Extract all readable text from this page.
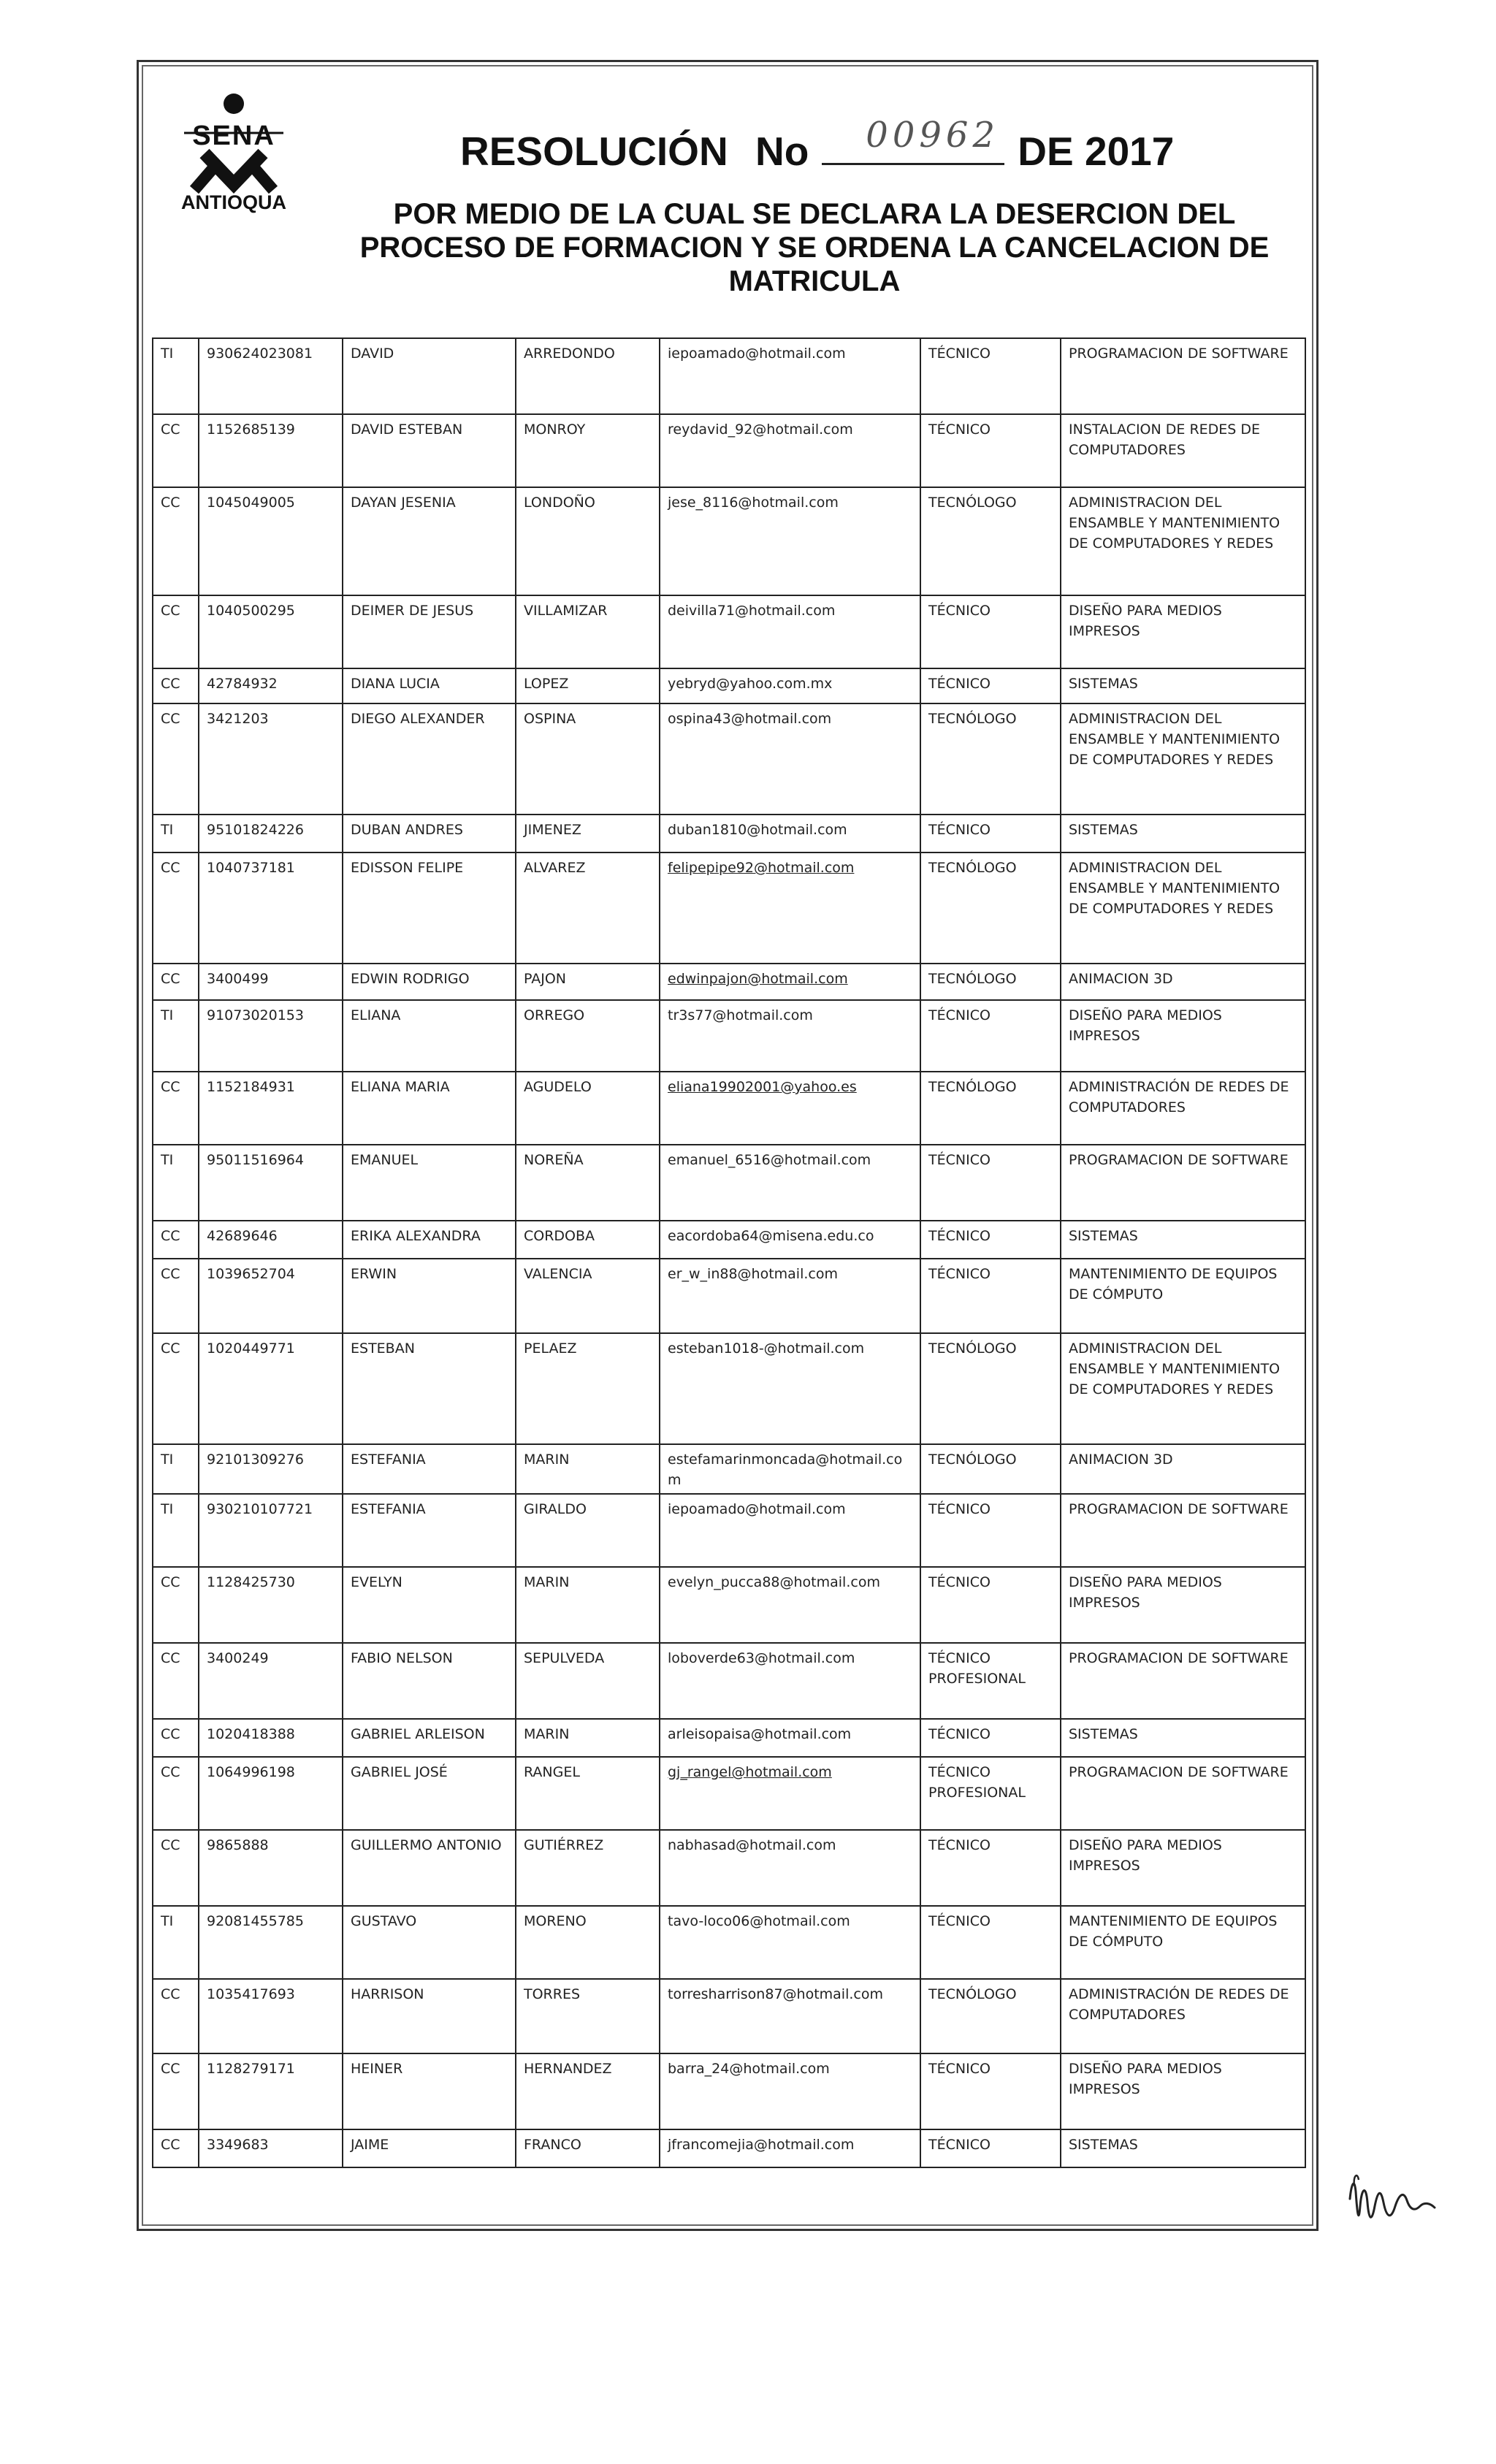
SENA
ANTIOQUA
RESOLUCIÓN No 00962 DE 2017
POR MEDIO DE LA CUAL SE DECLARA LA DESERCION DEL PROCESO DE FORMACION Y SE ORDENA LA CANCELACION DE MATRICULA
TI	930624023081	DAVID	ARREDONDO	iepoamado@hotmail.com	TÉCNICO	PROGRAMACION DE SOFTWARE
CC	1152685139	DAVID ESTEBAN	MONROY	reydavid_92@hotmail.com	TÉCNICO	INSTALACION DE REDES DE COMPUTADORES
CC	1045049005	DAYAN JESENIA	LONDOÑO	jese_8116@hotmail.com	TECNÓLOGO	ADMINISTRACION DEL ENSAMBLE Y MANTENIMIENTO DE COMPUTADORES Y REDES
CC	1040500295	DEIMER DE JESUS	VILLAMIZAR	deivilla71@hotmail.com	TÉCNICO	DISEÑO PARA MEDIOS IMPRESOS
CC	42784932	DIANA LUCIA	LOPEZ	yebryd@yahoo.com.mx	TÉCNICO	SISTEMAS
CC	3421203	DIEGO ALEXANDER	OSPINA	ospina43@hotmail.com	TECNÓLOGO	ADMINISTRACION DEL ENSAMBLE Y MANTENIMIENTO DE COMPUTADORES Y REDES
TI	95101824226	DUBAN ANDRES	JIMENEZ	duban1810@hotmail.com	TÉCNICO	SISTEMAS
CC	1040737181	EDISSON FELIPE	ALVAREZ	felipepipe92@hotmail.com	TECNÓLOGO	ADMINISTRACION DEL ENSAMBLE Y MANTENIMIENTO DE COMPUTADORES Y REDES
CC	3400499	EDWIN RODRIGO	PAJON	edwinpajon@hotmail.com	TECNÓLOGO	ANIMACION 3D
TI	91073020153	ELIANA	ORREGO	tr3s77@hotmail.com	TÉCNICO	DISEÑO PARA MEDIOS IMPRESOS
CC	1152184931	ELIANA MARIA	AGUDELO	eliana19902001@yahoo.es	TECNÓLOGO	ADMINISTRACIÓN DE REDES DE COMPUTADORES
TI	95011516964	EMANUEL	NOREÑA	emanuel_6516@hotmail.com	TÉCNICO	PROGRAMACION DE SOFTWARE
CC	42689646	ERIKA ALEXANDRA	CORDOBA	eacordoba64@misena.edu.co	TÉCNICO	SISTEMAS
CC	1039652704	ERWIN	VALENCIA	er_w_in88@hotmail.com	TÉCNICO	MANTENIMIENTO DE EQUIPOS DE CÓMPUTO
CC	1020449771	ESTEBAN	PELAEZ	esteban1018-@hotmail.com	TECNÓLOGO	ADMINISTRACION DEL ENSAMBLE Y MANTENIMIENTO DE COMPUTADORES Y REDES
TI	92101309276	ESTEFANIA	MARIN	estefamarinmoncada@hotmail.com	TECNÓLOGO	ANIMACION 3D
TI	930210107721	ESTEFANIA	GIRALDO	iepoamado@hotmail.com	TÉCNICO	PROGRAMACION DE SOFTWARE
CC	1128425730	EVELYN	MARIN	evelyn_pucca88@hotmail.com	TÉCNICO	DISEÑO PARA MEDIOS IMPRESOS
CC	3400249	FABIO NELSON	SEPULVEDA	loboverde63@hotmail.com	TÉCNICO PROFESIONAL	PROGRAMACION DE SOFTWARE
CC	1020418388	GABRIEL ARLEISON	MARIN	arleisopaisa@hotmail.com	TÉCNICO	SISTEMAS
CC	1064996198	GABRIEL JOSÉ	RANGEL	gj_rangel@hotmail.com	TÉCNICO PROFESIONAL	PROGRAMACION DE SOFTWARE
CC	9865888	GUILLERMO ANTONIO	GUTIÉRREZ	nabhasad@hotmail.com	TÉCNICO	DISEÑO PARA MEDIOS IMPRESOS
TI	92081455785	GUSTAVO	MORENO	tavo-loco06@hotmail.com	TÉCNICO	MANTENIMIENTO DE EQUIPOS DE CÓMPUTO
CC	1035417693	HARRISON	TORRES	torresharrison87@hotmail.com	TECNÓLOGO	ADMINISTRACIÓN DE REDES DE COMPUTADORES
CC	1128279171	HEINER	HERNANDEZ	barra_24@hotmail.com	TÉCNICO	DISEÑO PARA MEDIOS IMPRESOS
CC	3349683	JAIME	FRANCO	jfrancomejia@hotmail.com	TÉCNICO	SISTEMAS
